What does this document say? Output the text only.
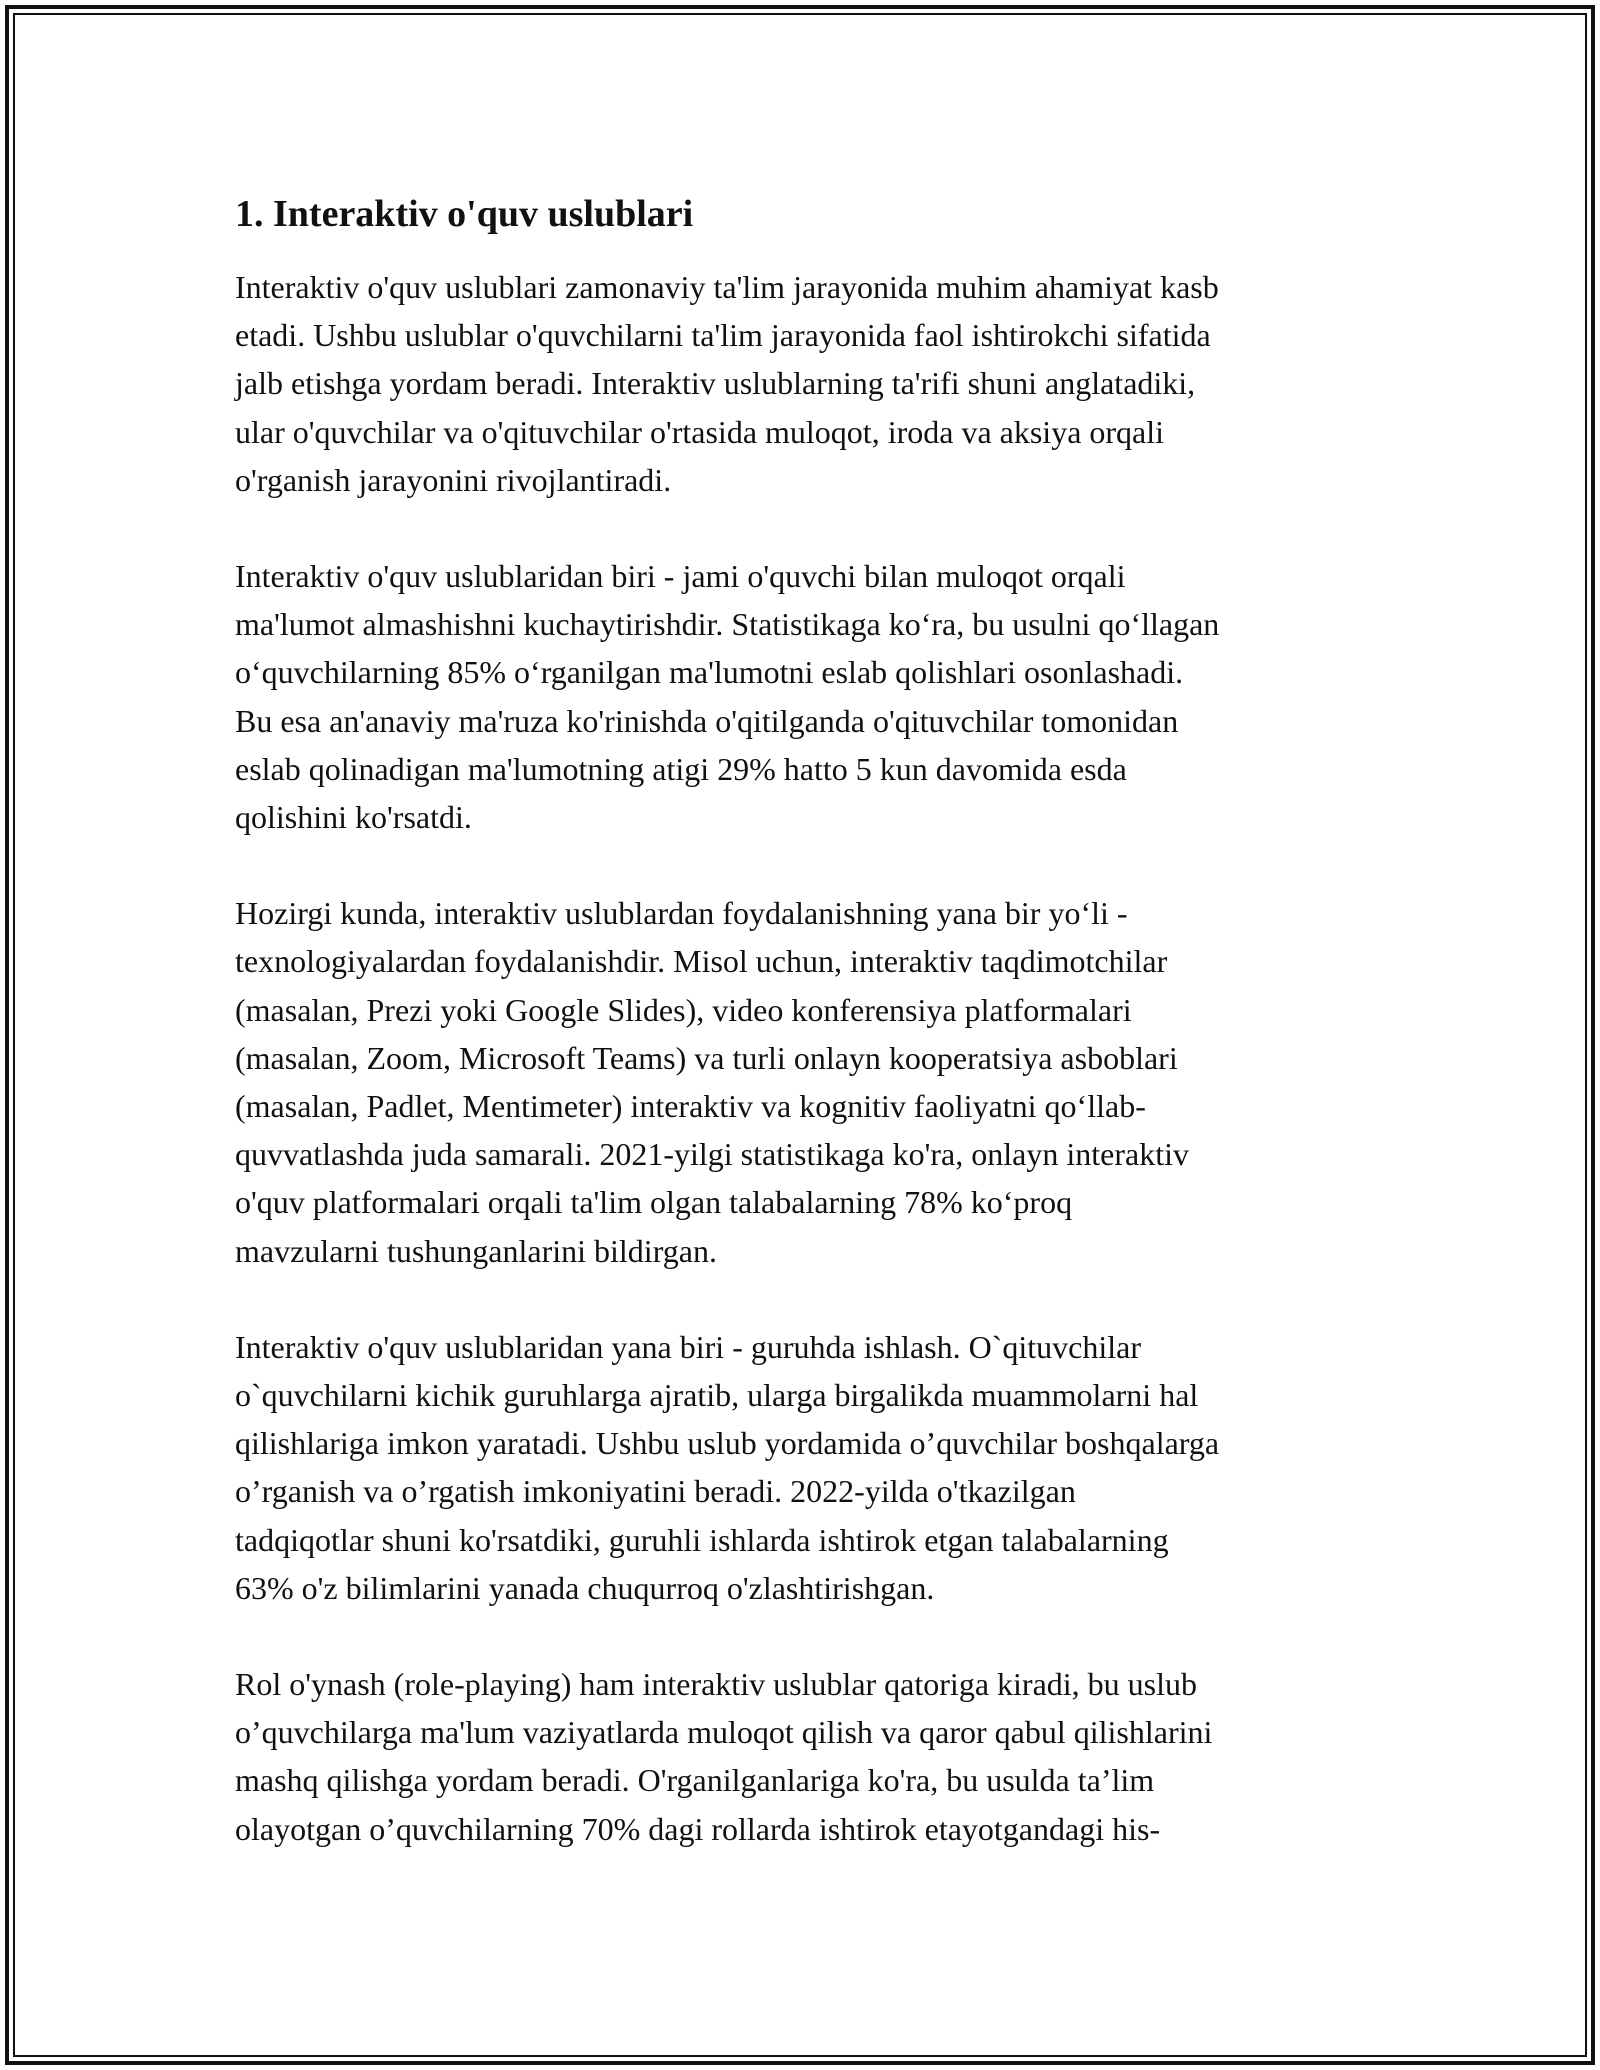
1. Interaktiv o'quv uslublari

Interaktiv o'quv uslublari zamonaviy ta'lim jarayonida muhim ahamiyat kasb
etadi. Ushbu uslublar o'quvchilarni ta'lim jarayonida faol ishtirokchi sifatida
jalb etishga yordam beradi. Interaktiv uslublarning ta'rifi shuni anglatadiki,
ular o'quvchilar va o'qituvchilar o'rtasida muloqot, iroda va aksiya orqali
o'rganish jarayonini rivojlantiradi.

Interaktiv o'quv uslublaridan biri - jami o'quvchi bilan muloqot orqali
ma'lumot almashishni kuchaytirishdir. Statistikaga ko‘ra, bu usulni qo‘llagan
o‘quvchilarning 85% o‘rganilgan ma'lumotni eslab qolishlari osonlashadi.
Bu esa an'anaviy ma'ruza ko'rinishda o'qitilganda o'qituvchilar tomonidan
eslab qolinadigan ma'lumotning atigi 29% hatto 5 kun davomida esda
qolishini ko'rsatdi.

Hozirgi kunda, interaktiv uslublardan foydalanishning yana bir yo‘li -
texnologiyalardan foydalanishdir. Misol uchun, interaktiv taqdimotchilar
(masalan, Prezi yoki Google Slides), video konferensiya platformalari
(masalan, Zoom, Microsoft Teams) va turli onlayn kooperatsiya asboblari
(masalan, Padlet, Mentimeter) interaktiv va kognitiv faoliyatni qo‘llab-
quvvatlashda juda samarali. 2021-yilgi statistikaga ko'ra, onlayn interaktiv
o'quv platformalari orqali ta'lim olgan talabalarning 78% ko‘proq
mavzularni tushunganlarini bildirgan.

Interaktiv o'quv uslublaridan yana biri - guruhda ishlash. O`qituvchilar
o`quvchilarni kichik guruhlarga ajratib, ularga birgalikda muammolarni hal
qilishlariga imkon yaratadi. Ushbu uslub yordamida o’quvchilar boshqalarga
o’rganish va o’rgatish imkoniyatini beradi. 2022-yilda o'tkazilgan
tadqiqotlar shuni ko'rsatdiki, guruhli ishlarda ishtirok etgan talabalarning
63% o'z bilimlarini yanada chuqurroq o'zlashtirishgan.

Rol o'ynash (role-playing) ham interaktiv uslublar qatoriga kiradi, bu uslub
o’quvchilarga ma'lum vaziyatlarda muloqot qilish va qaror qabul qilishlarini
mashq qilishga yordam beradi. O'rganilganlariga ko'ra, bu usulda ta’lim
olayotgan o’quvchilarning 70% dagi rollarda ishtirok etayotgandagi his-
